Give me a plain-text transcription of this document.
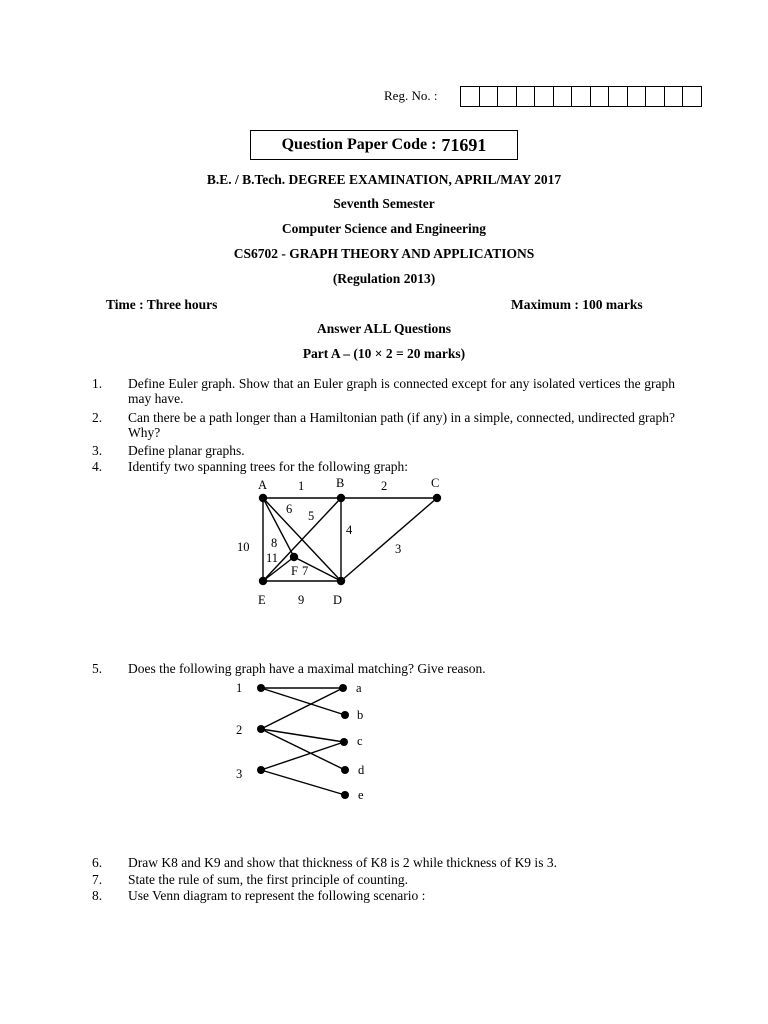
Reg. No. :
Question Paper Code : 71691
B.E. / B.Tech. DEGREE EXAMINATION, APRIL/MAY 2017
Seventh Semester
Computer Science and Engineering
CS6702 - GRAPH THEORY AND APPLICATIONS
(Regulation 2013)
Time : Three hours	Maximum : 100 marks
Answer ALL Questions
Part A – (10 × 2 = 20 marks)
1. Define Euler graph. Show that an Euler graph is connected except for any isolated vertices the graph may have.
2. Can there be a path longer than a Hamiltonian path (if any) in a simple, connected, undirected graph? Why?
3. Define planar graphs.
4. Identify two spanning trees for the following graph:
A	B	C
D
E
F
1	2
3
4
5
6
7
8
9
10
11
1
2
3
a
b
c
d
e
5. Does the following graph have a maximal matching? Give reason.
6. Draw K8 and K9 and show that thickness of K8 is 2 while thickness of K9 is 3.
7. State the rule of sum, the first principle of counting.
8. Use Venn diagram to represent the following scenario :
